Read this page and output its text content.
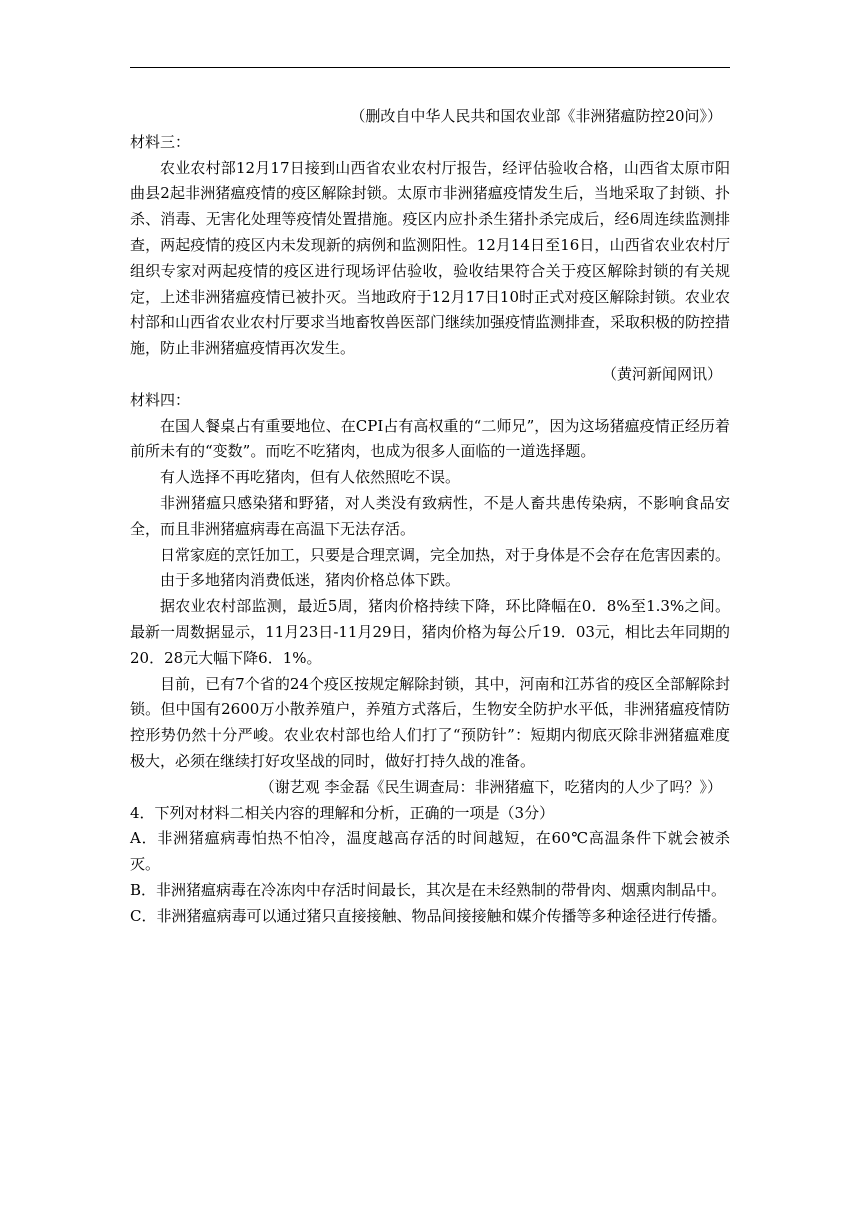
（删改自中华人民共和国农业部《非洲猪瘟防控20问》）

材料三：

农业农村部12月17日接到山西省农业农村厅报告，经评估验收合格，山西省太原市阳曲县2起非洲猪瘟疫情的疫区解除封锁。太原市非洲猪瘟疫情发生后，当地采取了封锁、扑杀、消毒、无害化处理等疫情处置措施。疫区内应扑杀生猪扑杀完成后，经6周连续监测排查，两起疫情的疫区内未发现新的病例和监测阳性。12月14日至16日，山西省农业农村厅组织专家对两起疫情的疫区进行现场评估验收，验收结果符合关于疫区解除封锁的有关规定，上述非洲猪瘟疫情已被扑灭。当地政府于12月17日10时正式对疫区解除封锁。农业农村部和山西省农业农村厅要求当地畜牧兽医部门继续加强疫情监测排查，采取积极的防控措施，防止非洲猪瘟疫情再次发生。

（黄河新闻网讯）

材料四：

在国人餐桌占有重要地位、在CPI占有高权重的“二师兄”，因为这场猪瘟疫情正经历着前所未有的“变数”。而吃不吃猪肉，也成为很多人面临的一道选择题。

有人选择不再吃猪肉，但有人依然照吃不误。

非洲猪瘟只感染猪和野猪，对人类没有致病性，不是人畜共患传染病，不影响食品安全，而且非洲猪瘟病毒在高温下无法存活。

日常家庭的烹饪加工，只要是合理烹调，完全加热，对于身体是不会存在危害因素的。

由于多地猪肉消费低迷，猪肉价格总体下跌。

据农业农村部监测，最近5周，猪肉价格持续下降，环比降幅在0．8%至1.3%之间。最新一周数据显示，11月23日-11月29日，猪肉价格为每公斤19．03元，相比去年同期的20．28元大幅下降6．1%。

目前，已有7个省的24个疫区按规定解除封锁，其中，河南和江苏省的疫区全部解除封锁。但中国有2600万小散养殖户，养殖方式落后，生物安全防护水平低，非洲猪瘟疫情防控形势仍然十分严峻。农业农村部也给人们打了“预防针”：短期内彻底灭除非洲猪瘟难度极大，必须在继续打好攻坚战的同时，做好打持久战的准备。

（谢艺观 李金磊《民生调查局：非洲猪瘟下，吃猪肉的人少了吗？》）

4．下列对材料二相关内容的理解和分析，正确的一项是（3分）

A．非洲猪瘟病毒怕热不怕冷，温度越高存活的时间越短，在60℃高温条件下就会被杀灭。

B．非洲猪瘟病毒在冷冻肉中存活时间最长，其次是在未经熟制的带骨肉、烟熏肉制品中。

C．非洲猪瘟病毒可以通过猪只直接接触、物品间接接触和媒介传播等多种途径进行传播。
